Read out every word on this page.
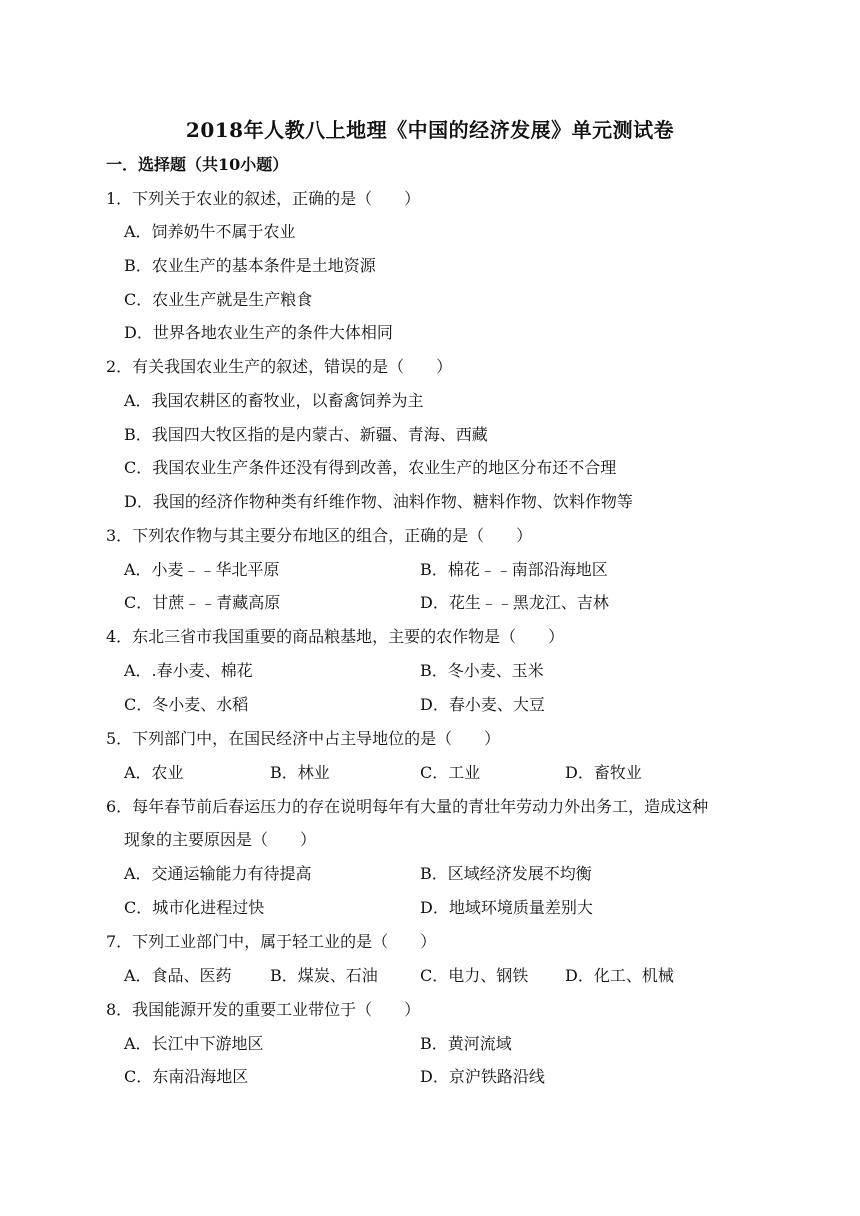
2018年人教八上地理《中国的经济发展》单元测试卷
一．选择题（共10小题）
1．下列关于农业的叙述，正确的是（　　）
A．饲养奶牛不属于农业
B．农业生产的基本条件是土地资源
C．农业生产就是生产粮食
D．世界各地农业生产的条件大体相同
2．有关我国农业生产的叙述，错误的是（　　）
A．我国农耕区的畜牧业，以畜禽饲养为主
B．我国四大牧区指的是内蒙古、新疆、青海、西藏
C．我国农业生产条件还没有得到改善，农业生产的地区分布还不合理
D．我国的经济作物种类有纤维作物、油料作物、糖料作物、饮料作物等
3．下列农作物与其主要分布地区的组合，正确的是（　　）
A．小麦﹣﹣华北平原	B．棉花﹣﹣南部沿海地区
C．甘蔗﹣﹣青藏高原	D．花生﹣﹣黑龙江、吉林
4．东北三省市我国重要的商品粮基地，主要的农作物是（　　）
A．.春小麦、棉花	B．冬小麦、玉米
C．冬小麦、水稻	D．春小麦、大豆
5．下列部门中，在国民经济中占主导地位的是（　　）
A．农业	B．林业	C．工业	D．畜牧业
6．每年春节前后春运压力的存在说明每年有大量的青壮年劳动力外出务工，造成这种
现象的主要原因是（　　）
A．交通运输能力有待提高	B．区域经济发展不均衡
C．城市化进程过快	D．地域环境质量差别大
7．下列工业部门中，属于轻工业的是（　　）
A．食品、医药 B．煤炭、石油	C．电力、钢铁 D．化工、机械
8．我国能源开发的重要工业带位于（　　）
A．长江中下游地区	B．黄河流域
C．东南沿海地区	D．京沪铁路沿线
